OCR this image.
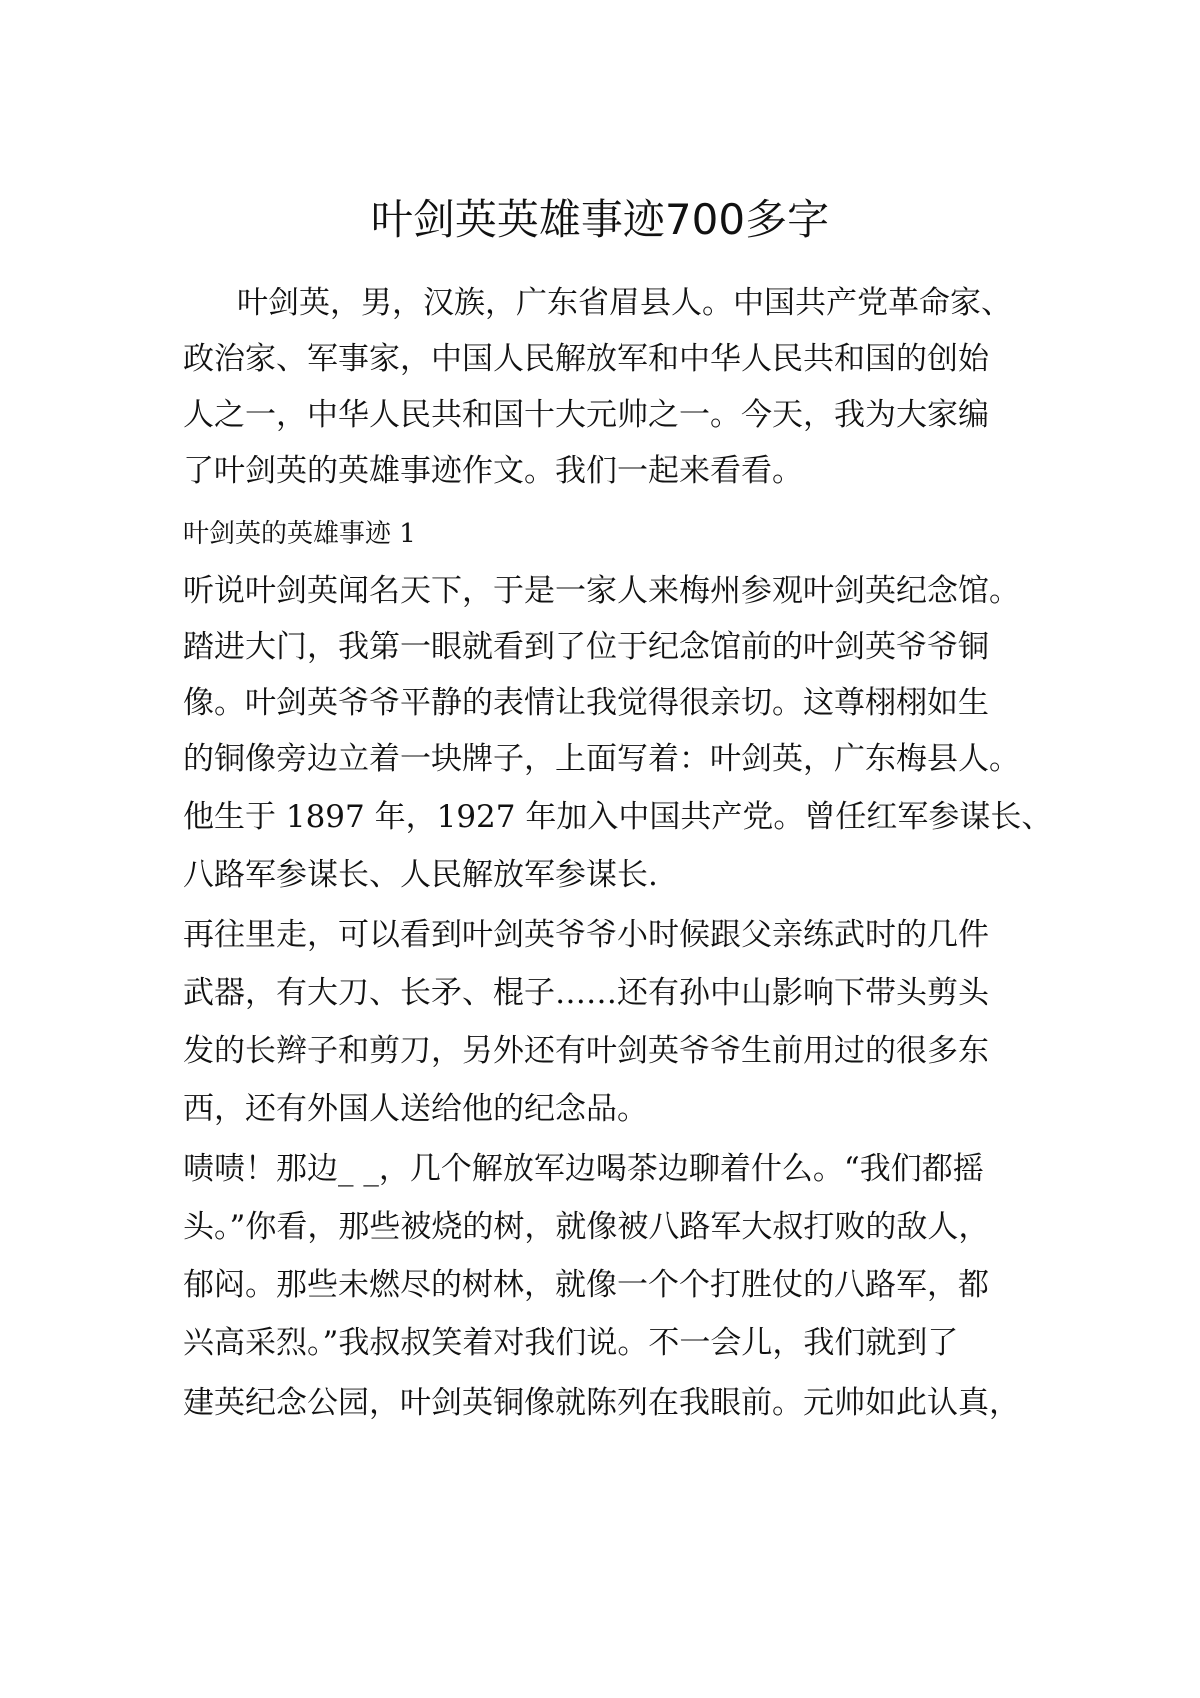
叶剑英英雄事迹700多字

叶剑英，男，汉族，广东省眉县人。中国共产党革命家、

政治家、军事家，中国人民解放军和中华人民共和国的创始

人之一，中华人民共和国十大元帅之一。今天，我为大家编

了叶剑英的英雄事迹作文。我们一起来看看。

叶剑英的英雄事迹 1

听说叶剑英闻名天下，于是一家人来梅州参观叶剑英纪念馆。

踏进大门，我第一眼就看到了位于纪念馆前的叶剑英爷爷铜

像。叶剑英爷爷平静的表情让我觉得很亲切。这尊栩栩如生

的铜像旁边立着一块牌子，上面写着：叶剑英，广东梅县人。

他生于 1897 年，1927 年加入中国共产党。曾任红军参谋长、

八路军参谋长、人民解放军参谋长.

再往里走，可以看到叶剑英爷爷小时候跟父亲练武时的几件

武器，有大刀、长矛、棍子……还有孙中山影响下带头剪头

发的长辫子和剪刀，另外还有叶剑英爷爷生前用过的很多东

西，还有外国人送给他的纪念品。

啧啧！那边_ _，几个解放军边喝茶边聊着什么。“我们都摇

头。”你看，那些被烧的树，就像被八路军大叔打败的敌人，

郁闷。那些未燃尽的树林，就像一个个打胜仗的八路军，都

兴高采烈。”我叔叔笑着对我们说。不一会儿，我们就到了

建英纪念公园，叶剑英铜像就陈列在我眼前。元帅如此认真，
